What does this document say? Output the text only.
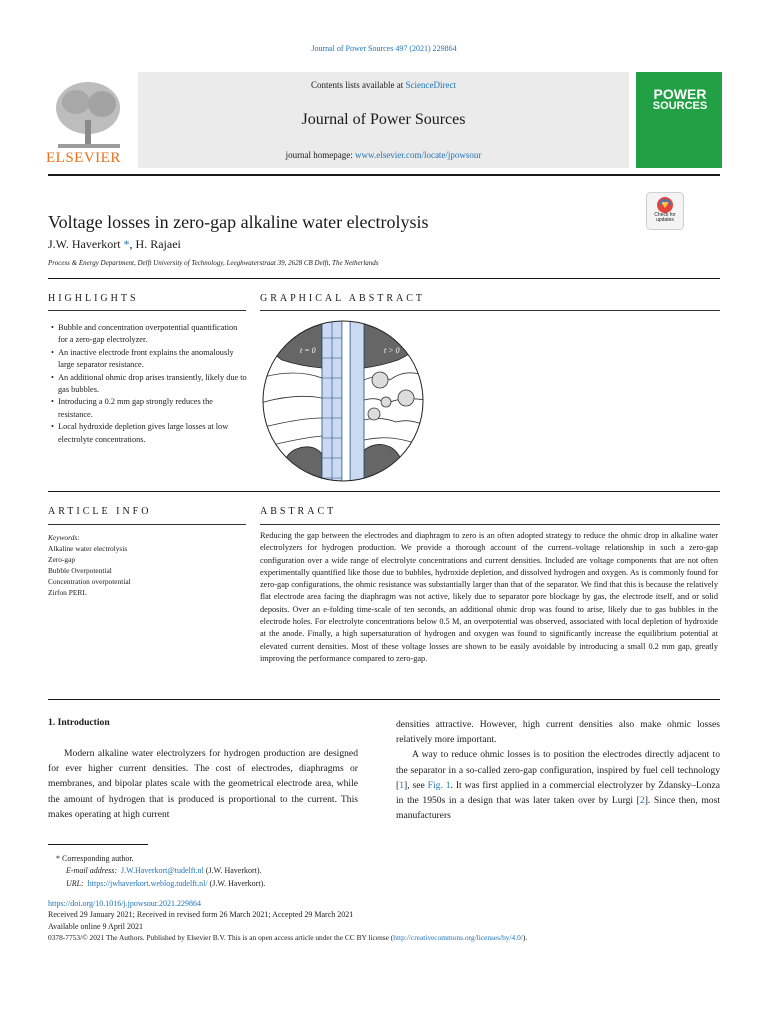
Journal of Power Sources 497 (2021) 229864
ELSEVIER
Contents lists available at ScienceDirect
Journal of Power Sources
journal homepage: www.elsevier.com/locate/jpowsour
POWER
SOURCES
Voltage losses in zero-gap alkaline water electrolysis
J.W. Haverkort *, H. Rajaei
Process & Energy Department, Delft University of Technology, Leeghwaterstraat 39, 2628 CB Delft, The Netherlands
Check for updates
HIGHLIGHTS	GRAPHICAL ABSTRACT
•  Bubble and concentration overpotential quantification for a zero-gap electrolyzer.
•  An inactive electrode front explains the anomalously large separator resistance.
•  An additional ohmic drop arises transiently, likely due to gas bubbles.
•  Introducing a 0.2 mm gap strongly reduces the resistance.
•  Local hydroxide depletion gives large losses at low electrolyte concentrations.
t = 0	t > 0
ARTICLE INFO	ABSTRACT
Keywords:
Alkaline water electrolysis
Zero-gap
Bubble Overpotential
Concentration overpotential
Zirfon PERL

Reducing the gap between the electrodes and diaphragm to zero is an often adopted strategy to reduce the ohmic drop in alkaline water electrolyzers for hydrogen production. We provide a thorough account of the current–voltage relationship in such a zero-gap configuration over a wide range of electrolyte concentrations and current densities. Included are voltage components that are not often experimentally quantified like those due to bubbles, hydroxide depletion, and dissolved hydrogen and oxygen. As is commonly found for zero-gap configurations, the ohmic resistance was substantially larger than that of the separator. We find that this is because the relatively flat electrode area facing the diaphragm was not active, likely due to separator pore blockage by gas, the electrode itself, and or solid deposits. Over an e-folding time-scale of ten seconds, an additional ohmic drop was found to arise, likely due to gas bubbles in the electrode holes. For electrolyte concentrations below 0.5 M, an overpotential was observed, associated with local depletion of hydroxide at the anode. Finally, a high supersaturation of hydrogen and oxygen was found to significantly increase the equilibrium potential at elevated current densities. Most of these voltage losses are shown to be easily avoidable by introducing a small 0.2 mm gap, greatly improving the performance compared to zero-gap.

1. Introduction

Modern alkaline water electrolyzers for hydrogen production are designed for ever higher current densities. The cost of electrodes, diaphragms or membranes, and bipolar plates scale with the geometrical electrode area, while the amount of hydrogen that is produced is proportional to the current. This makes operating at high current

densities attractive. However, high current densities also make ohmic losses relatively more important.

A way to reduce ohmic losses is to position the electrodes directly adjacent to the separator in a so-called zero-gap configuration, inspired by fuel cell technology [1], see Fig. 1. It was first applied in a commercial electrolyzer by Zdansky–Lonza in the 1950s in a design that was later taken over by Lurgi [2]. Since then, most manufacturers

* Corresponding author.
E-mail address: J.W.Haverkort@tudelft.nl (J.W. Haverkort).
URL: https://jwhaverkort.weblog.tudelft.nl/ (J.W. Haverkort).
https://doi.org/10.1016/j.jpowsour.2021.229864
Received 29 January 2021; Received in revised form 26 March 2021; Accepted 29 March 2021
Available online 9 April 2021
0378-7753/© 2021 The Authors. Published by Elsevier B.V. This is an open access article under the CC BY license (http://creativecommons.org/licenses/by/4.0/).
